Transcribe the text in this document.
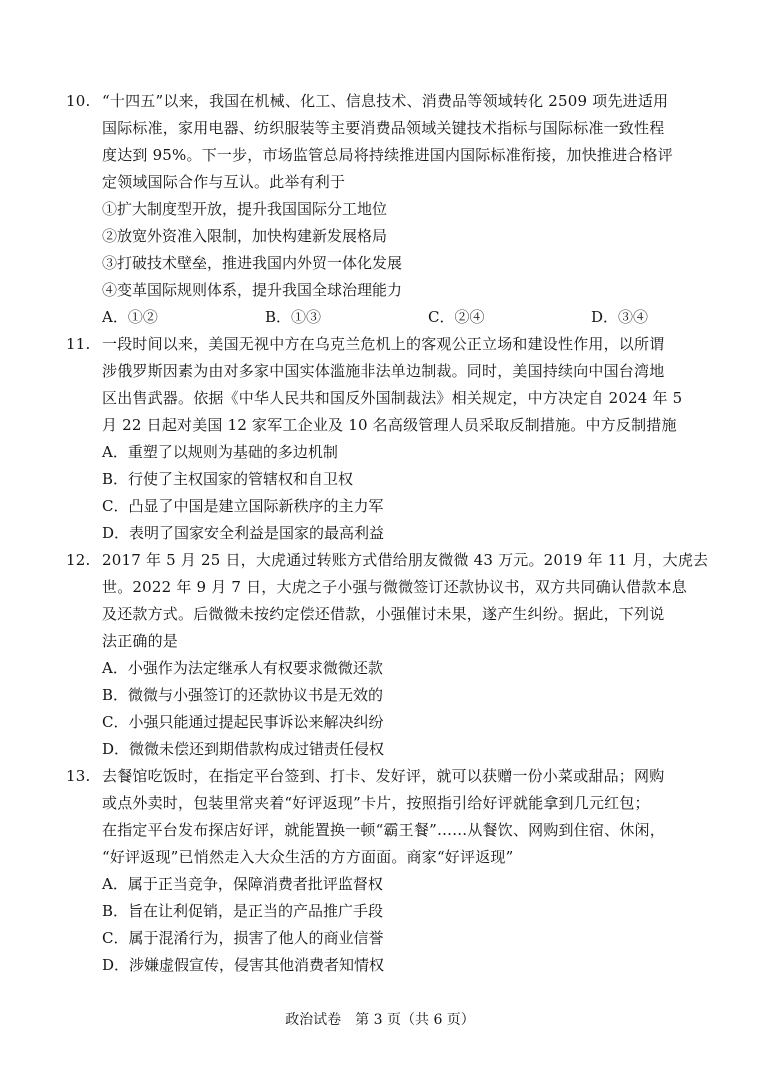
10. “十四五”以来，我国在机械、化工、信息技术、消费品等领域转化 2509 项先进适用
国际标准，家用电器、纺织服装等主要消费品领域关键技术指标与国际标准一致性程
度达到 95%。下一步，市场监管总局将持续推进国内国际标准衔接，加快推进合格评
定领域国际合作与互认。此举有利于
①扩大制度型开放，提升我国国际分工地位
②放宽外资准入限制，加快构建新发展格局
③打破技术壁垒，推进我国内外贸一体化发展
④变革国际规则体系，提升我国全球治理能力
A．①②	B．①③	C．②④	D．③④
11. 一段时间以来，美国无视中方在乌克兰危机上的客观公正立场和建设性作用，以所谓
涉俄罗斯因素为由对多家中国实体滥施非法单边制裁。同时，美国持续向中国台湾地
区出售武器。依据《中华人民共和国反外国制裁法》相关规定，中方决定自 2024 年 5
月 22 日起对美国 12 家军工企业及 10 名高级管理人员采取反制措施。中方反制措施
A．重塑了以规则为基础的多边机制
B．行使了主权国家的管辖权和自卫权
C．凸显了中国是建立国际新秩序的主力军
D．表明了国家安全利益是国家的最高利益
12. 2017 年 5 月 25 日，大虎通过转账方式借给朋友微微 43 万元。2019 年 11 月，大虎去
世。2022 年 9 月 7 日，大虎之子小强与微微签订还款协议书，双方共同确认借款本息
及还款方式。后微微未按约定偿还借款，小强催讨未果，遂产生纠纷。据此，下列说
法正确的是
A．小强作为法定继承人有权要求微微还款
B．微微与小强签订的还款协议书是无效的
C．小强只能通过提起民事诉讼来解决纠纷
D．微微未偿还到期借款构成过错责任侵权
13. 去餐馆吃饭时，在指定平台签到、打卡、发好评，就可以获赠一份小菜或甜品；网购
或点外卖时，包装里常夹着“好评返现”卡片，按照指引给好评就能拿到几元红包；
在指定平台发布探店好评，就能置换一顿“霸王餐”……从餐饮、网购到住宿、休闲，
“好评返现”已悄然走入大众生活的方方面面。商家“好评返现”
A．属于正当竞争，保障消费者批评监督权
B．旨在让利促销，是正当的产品推广手段
C．属于混淆行为，损害了他人的商业信誉
D．涉嫌虚假宣传，侵害其他消费者知情权
政治试卷　第 3 页（共 6 页）
